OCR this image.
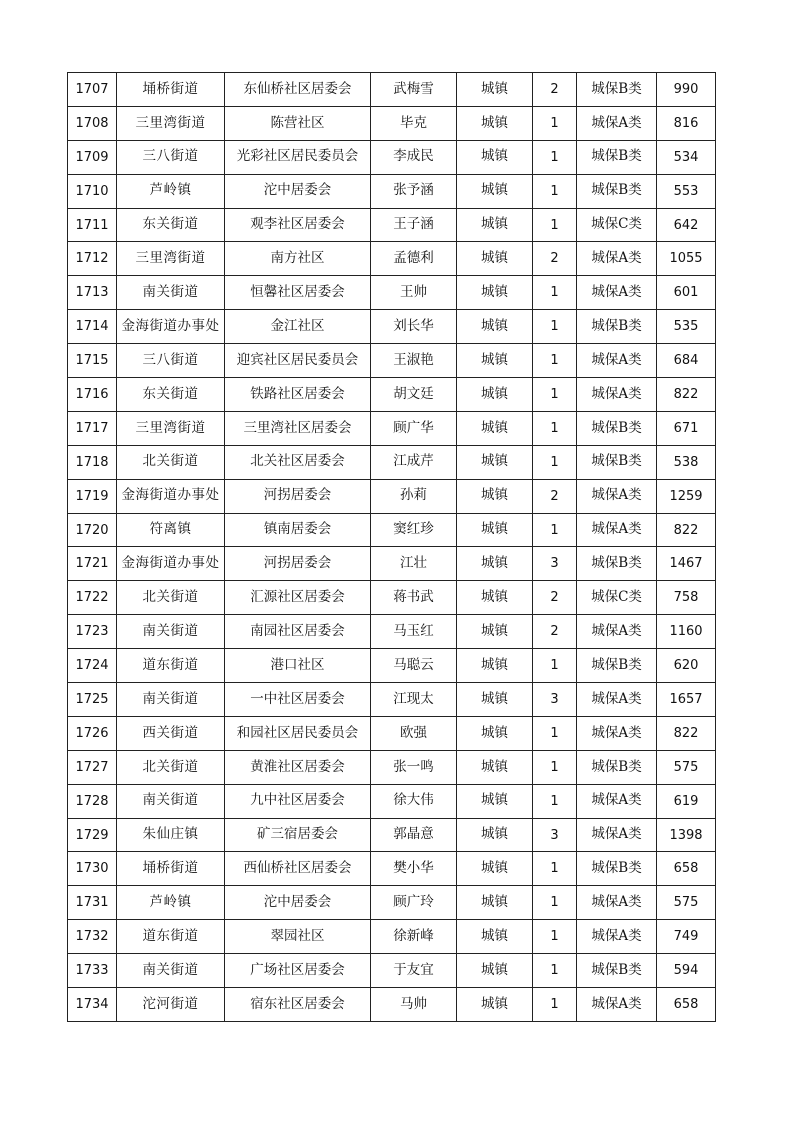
1707	埇桥街道	东仙桥社区居委会	武梅雪	城镇	2	城保B类	990
1708	三里湾街道	陈营社区	毕克	城镇	1	城保A类	816
1709	三八街道	光彩社区居民委员会	李成民	城镇	1	城保B类	534
1710	芦岭镇	沱中居委会	张予涵	城镇	1	城保B类	553
1711	东关街道	观李社区居委会	王子涵	城镇	1	城保C类	642
1712	三里湾街道	南方社区	孟德利	城镇	2	城保A类	1055
1713	南关街道	恒馨社区居委会	王帅	城镇	1	城保A类	601
1714	金海街道办事处	金江社区	刘长华	城镇	1	城保B类	535
1715	三八街道	迎宾社区居民委员会	王淑艳	城镇	1	城保A类	684
1716	东关街道	铁路社区居委会	胡文廷	城镇	1	城保A类	822
1717	三里湾街道	三里湾社区居委会	顾广华	城镇	1	城保B类	671
1718	北关街道	北关社区居委会	江成芹	城镇	1	城保B类	538
1719	金海街道办事处	河拐居委会	孙莉	城镇	2	城保A类	1259
1720	符离镇	镇南居委会	窦红珍	城镇	1	城保A类	822
1721	金海街道办事处	河拐居委会	江壮	城镇	3	城保B类	1467
1722	北关街道	汇源社区居委会	蒋书武	城镇	2	城保C类	758
1723	南关街道	南园社区居委会	马玉红	城镇	2	城保A类	1160
1724	道东街道	港口社区	马聪云	城镇	1	城保B类	620
1725	南关街道	一中社区居委会	江现太	城镇	3	城保A类	1657
1726	西关街道	和园社区居民委员会	欧强	城镇	1	城保A类	822
1727	北关街道	黄淮社区居委会	张一鸣	城镇	1	城保B类	575
1728	南关街道	九中社区居委会	徐大伟	城镇	1	城保A类	619
1729	朱仙庄镇	矿三宿居委会	郭晶意	城镇	3	城保A类	1398
1730	埇桥街道	西仙桥社区居委会	樊小华	城镇	1	城保B类	658
1731	芦岭镇	沱中居委会	顾广玲	城镇	1	城保A类	575
1732	道东街道	翠园社区	徐新峰	城镇	1	城保A类	749
1733	南关街道	广场社区居委会	于友宜	城镇	1	城保B类	594
1734	沱河街道	宿东社区居委会	马帅	城镇	1	城保A类	658
